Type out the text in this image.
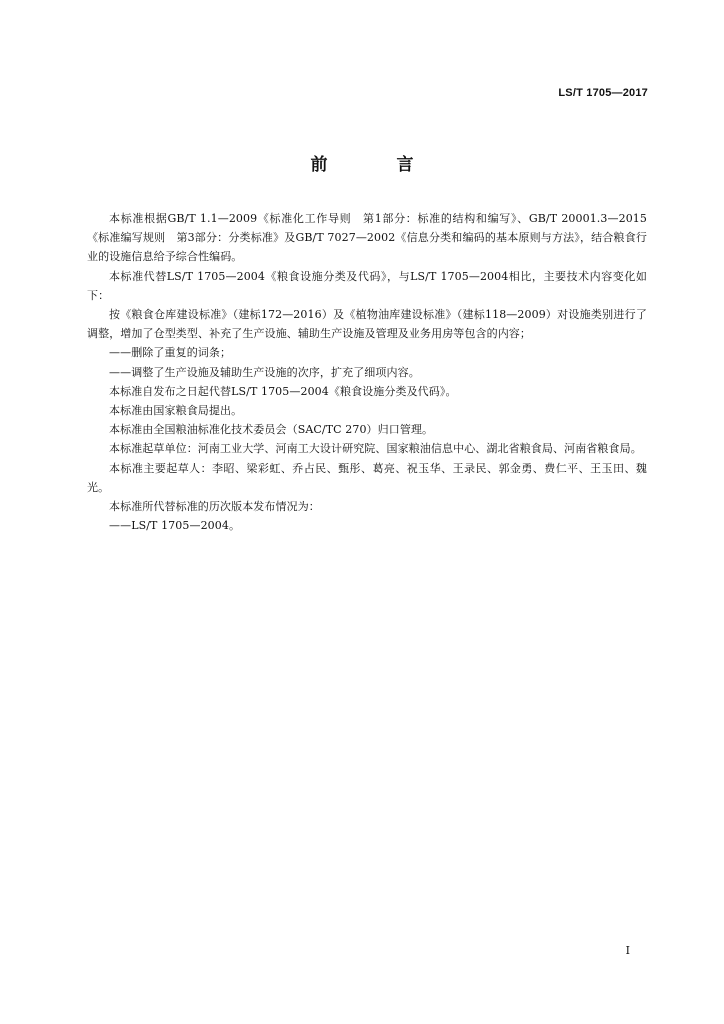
LS/T 1705—2017
前　言

本标准根据GB/T 1.1—2009《标准化工作导则　第1部分：标准的结构和编写》、GB/T 20001.3—2015《标准编写规则　第3部分：分类标准》及GB/T 7027—2002《信息分类和编码的基本原则与方法》，结合粮食行业的设施信息给予综合性编码。

本标准代替LS/T 1705—2004《粮食设施分类及代码》，与LS/T 1705—2004相比，主要技术内容变化如下：

按《粮食仓库建设标准》（建标172—2016）及《植物油库建设标准》（建标118—2009）对设施类别进行了调整，增加了仓型类型、补充了生产设施、辅助生产设施及管理及业务用房等包含的内容；

——删除了重复的词条；

——调整了生产设施及辅助生产设施的次序，扩充了细项内容。

本标准自发布之日起代替LS/T 1705—2004《粮食设施分类及代码》。

本标准由国家粮食局提出。

本标准由全国粮油标准化技术委员会（SAC/TC 270）归口管理。

本标准起草单位：河南工业大学、河南工大设计研究院、国家粮油信息中心、湖北省粮食局、河南省粮食局。

本标准主要起草人：李昭、梁彩虹、乔占民、甄彤、葛亮、祝玉华、王录民、郭金勇、费仁平、王玉田、魏光。

本标准所代替标准的历次版本发布情况为：

——LS/T 1705—2004。

I
